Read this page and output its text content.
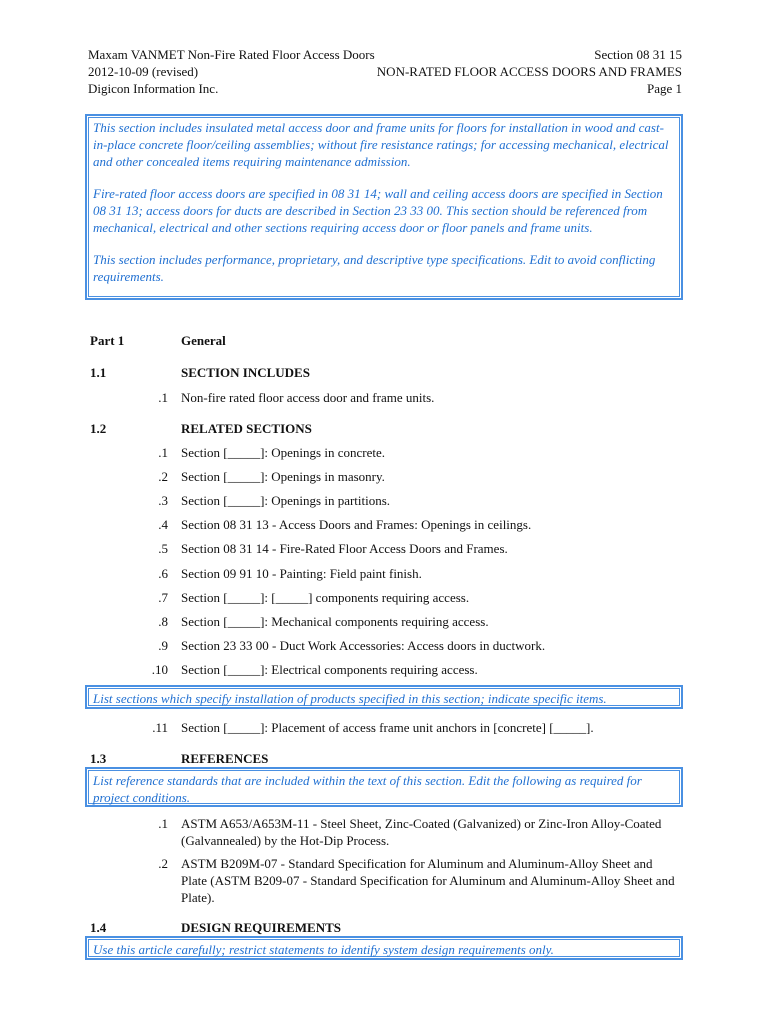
Maxam VANMET Non-Fire Rated Floor Access Doors	Section 08 31 15
2012-10-09 (revised)	NON-RATED FLOOR ACCESS DOORS AND FRAMES
Digicon Information Inc.	Page 1

This section includes insulated metal access door and frame units for floors for installation in wood and cast-in-place concrete floor/ceiling assemblies; without fire resistance ratings; for accessing mechanical, electrical and other concealed items requiring maintenance admission.

Fire-rated floor access doors are specified in 08 31 14; wall and ceiling access doors are specified in Section 08 31 13; access doors for ducts are described in Section 23 33 00. This section should be referenced from mechanical, electrical and other sections requiring access door or floor panels and frame units.

This section includes performance, proprietary, and descriptive type specifications. Edit to avoid conflicting requirements.

Part 1	General
1.1	SECTION INCLUDES
.1 Non-fire rated floor access door and frame units.
1.2	RELATED SECTIONS
.1 Section [_____]: Openings in concrete.
.2 Section [_____]: Openings in masonry.
.3 Section [_____]: Openings in partitions.
.4 Section 08 31 13 - Access Doors and Frames: Openings in ceilings.
.5 Section 08 31 14 - Fire-Rated Floor Access Doors and Frames.
.6 Section 09 91 10 - Painting: Field paint finish.
.7 Section [_____]: [_____] components requiring access.
.8 Section [_____]: Mechanical components requiring access.
.9 Section 23 33 00 - Duct Work Accessories: Access doors in ductwork.
.10 Section [_____]: Electrical components requiring access.

List sections which specify installation of products specified in this section; indicate specific items.

.11 Section [_____]: Placement of access frame unit anchors in [concrete] [_____].
1.3	REFERENCES

List reference standards that are included within the text of this section. Edit the following as required for project conditions.

.1 ASTM A653/A653M-11 - Steel Sheet, Zinc-Coated (Galvanized) or Zinc-Iron Alloy-Coated (Galvannealed) by the Hot-Dip Process.
.2 ASTM B209M-07 - Standard Specification for Aluminum and Aluminum-Alloy Sheet and Plate (ASTM B209-07 - Standard Specification for Aluminum and Aluminum-Alloy Sheet and Plate).
1.4	DESIGN REQUIREMENTS

Use this article carefully; restrict statements to identify system design requirements only.
